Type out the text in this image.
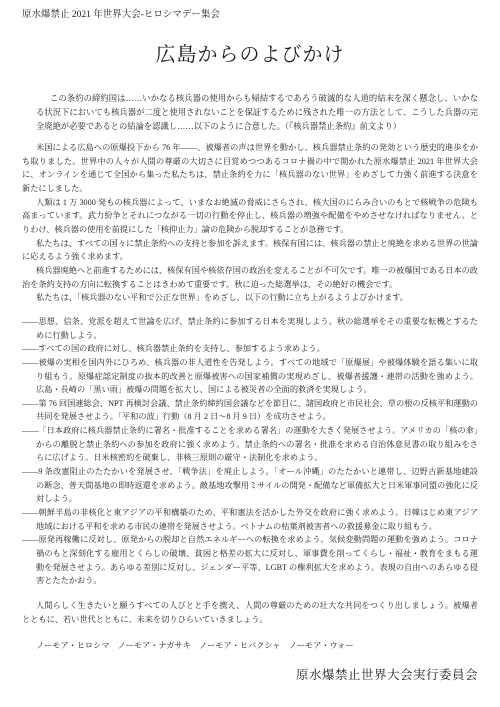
原水爆禁止 2021 年世界大会-ヒロシマデー集会
広島からのよびかけ
この条約の締約国は……いかなる核兵器の使用からも帰結するであろう破滅的な人道的結末を深く懸念し、いかなる状況下においても核兵器が二度と使用されないことを保証するために残された唯一の方法として、こうした兵器の完全廃絶が必要であるとの結論を認識し……以下のように合意した。（『核兵器禁止条約』前文より）

米国による広島への原爆投下から 76 年――、被爆者の声は世界を動かし、核兵器禁止条約の発効という歴史的進歩をかち取りました。世界中の人々が人間の尊厳の大切さに目覚めつつあるコロナ禍の中で開かれた原水爆禁止 2021 年世界大会に、オンラインを通じて全国から集った私たちは、禁止条約を力に「核兵器のない世界」をめざして力強く前進する決意を新たにしました。

人類は 1 万 3000 発もの核兵器によって、いまなお絶滅の脅威にさらされ、核大国のにらみ合いのもとで核戦争の危険も高まっています。武力紛争とそれにつながる一切の行動を停止し、核兵器の増強や配備をやめさせなければなりません。とりわけ、核兵器の使用を前提にした「核抑止力」論の危険から脱却することが急務です。

私たちは、すべての国々に禁止条約への支持と参加を訴えます。核保有国には、核兵器の禁止と廃絶を求める世界の世論に応えるよう強く求めます。

核兵器廃絶へと前進するためには、核保有国や核依存国の政治を変えることが不可欠です。唯一の被爆国である日本の政治を条約支持の方向に転換することはきわめて重要です。秋に迫った総選挙は、その絶好の機会です。

私たちは、「核兵器のない平和で公正な世界」をめざし、以下の行動に立ち上がるようよびかけます。

――思想、信条、党派を超えて世論を広げ、禁止条約に参加する日本を実現しよう。秋の総選挙をその重要な転機とするために行動しよう。
――すべての国の政府に対し、核兵器禁止条約を支持し、参加するよう求めよう。
――被爆の実相を国内外にひろめ、核兵器の非人道性を告発しよう。すべての地域で「原爆展」や被爆体験を語る集いに取り組もう。原爆症認定制度の抜本的改善と原爆被害への国家補償の実現めざし、被爆者援護・連帯の活動を強めよう。広島・長崎の「黒い雨」被爆の問題を拡大し、国による被災者の全面的救済を実現しよう。
――第 76 回国連総会、NPT 再検討会議、禁止条約締約国会議などを節目に、諸国政府と市民社会、草の根の反核平和運動の共同を発展させよう。「平和の波」行動（8 月 2 日～8 月 9 日）を成功させよう。
――「日本政府に核兵器禁止条約に署名・批准することを求める署名」の運動を大きく発展させよう。アメリカの「核の傘」からの離脱と禁止条約への参加を政府に強く求めよう。禁止条約への署名・批准を求める自治体意見書の取り組みをさらに広げよう。日米核密約を破棄し、非核三原則の厳守・法制化を求めよう。
――9 条改憲阻止のたたかいを発展させ、「戦争法」を廃止しよう。「オール沖縄」のたたかいと連帯し、辺野古新基地建設の断念、普天間基地の即時返還を求めよう。敵基地攻撃用ミサイルの開発・配備など軍備拡大と日米軍事同盟の強化に反対しよう。
――朝鮮半島の非核化と東アジアの平和構築のため、平和憲法を活かした外交を政府に強く求めよう。日韓はじめ東アジア地域における平和を求める市民の連帯を発展させよう。ベトナムの枯葉剤被害者への救援募金に取り組もう。
――原発再稼働に反対し、原発からの脱却と自然エネルギーへの転換を求めよう。気候変動問題の運動を強めよう。コロナ禍のもと深刻化する雇用とくらしの破壊、貧困と格差の拡大に反対し、軍事費を削ってくらし・福祉・教育をまもる運動を発展させよう。あらゆる差別に反対し、ジェンダー平等、LGBT の権利拡大を求めよう。表現の自由へのあらゆる侵害とたたかおう。
人間らしく生きたいと願うすべての人びとと手を携え、人間の尊厳のための壮大な共同をつくり出しましょう。被爆者とともに、若い世代とともに、未来を切りひらいていきましょう。
ノーモア・ヒロシマ　ノーモア・ナガサキ　ノーモア・ヒバクシャ　ノーモア・ウォー
原水爆禁止世界大会実行委員会
